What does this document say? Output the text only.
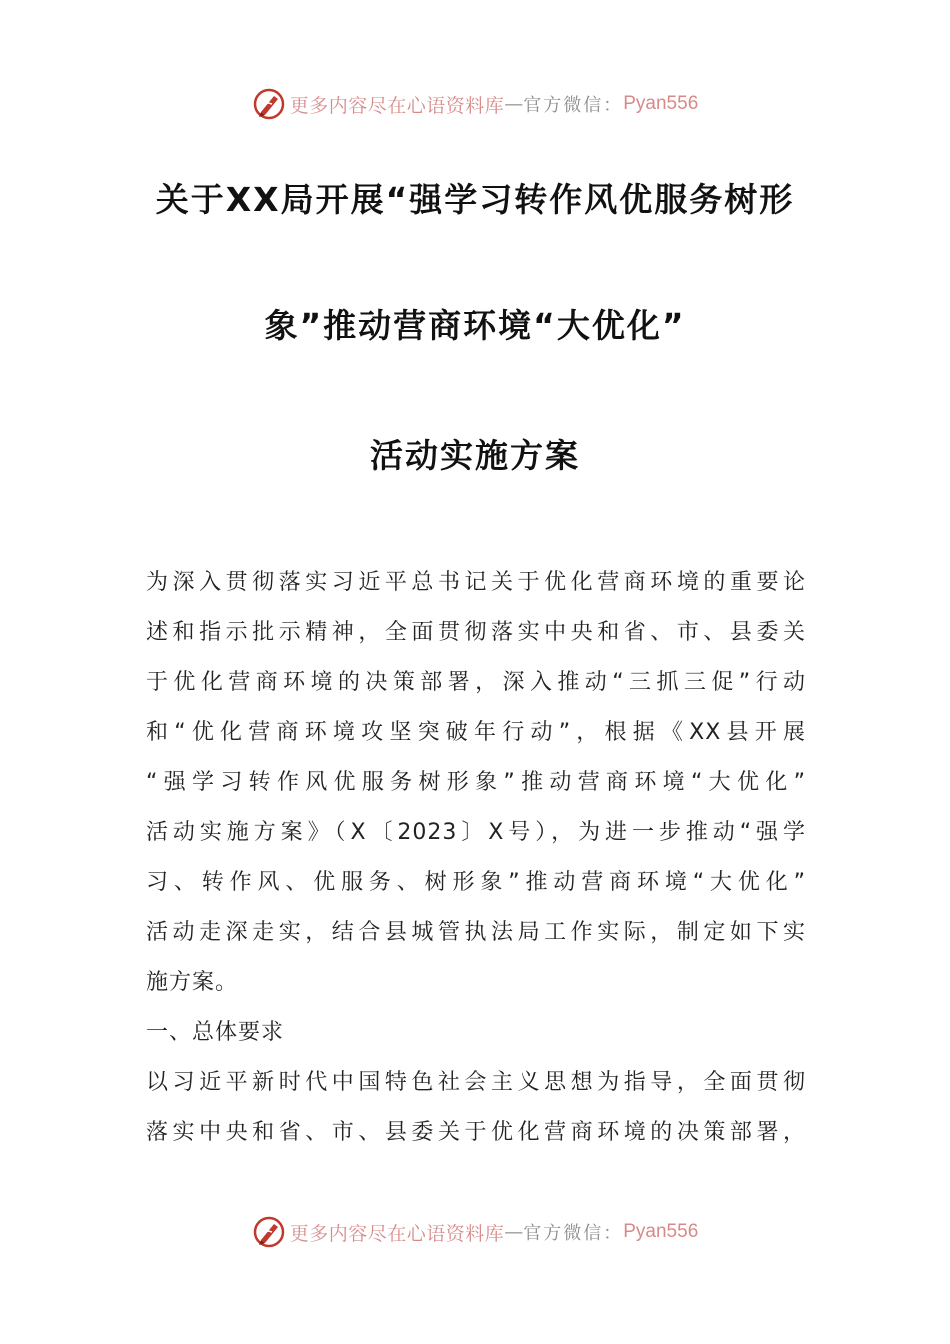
更多内容尽在心语资料库 — 官方微信： Pyan556
关于XX局开展“强学习转作风优服务树形
象”推动营商环境“大优化”
活动实施方案
为深入贯彻落实习近平总书记关于优化营商环境的重要论
述和指示批示精神，全面贯彻落实中央和省、市、县委关
于优化营商环境的决策部署，深入推动“三抓三促”行动
和“优化营商环境攻坚突破年行动”，根据《XX县开展
“强学习转作风优服务树形象”推动营商环境“大优化”
活动实施方案》（X〔2023〕X号），为进一步推动“强学
习、转作风、优服务、树形象”推动营商环境“大优化”
活动走深走实，结合县城管执法局工作实际，制定如下实
施方案。
一、总体要求
以习近平新时代中国特色社会主义思想为指导，全面贯彻
落实中央和省、市、县委关于优化营商环境的决策部署，
更多内容尽在心语资料库 — 官方微信： Pyan556
